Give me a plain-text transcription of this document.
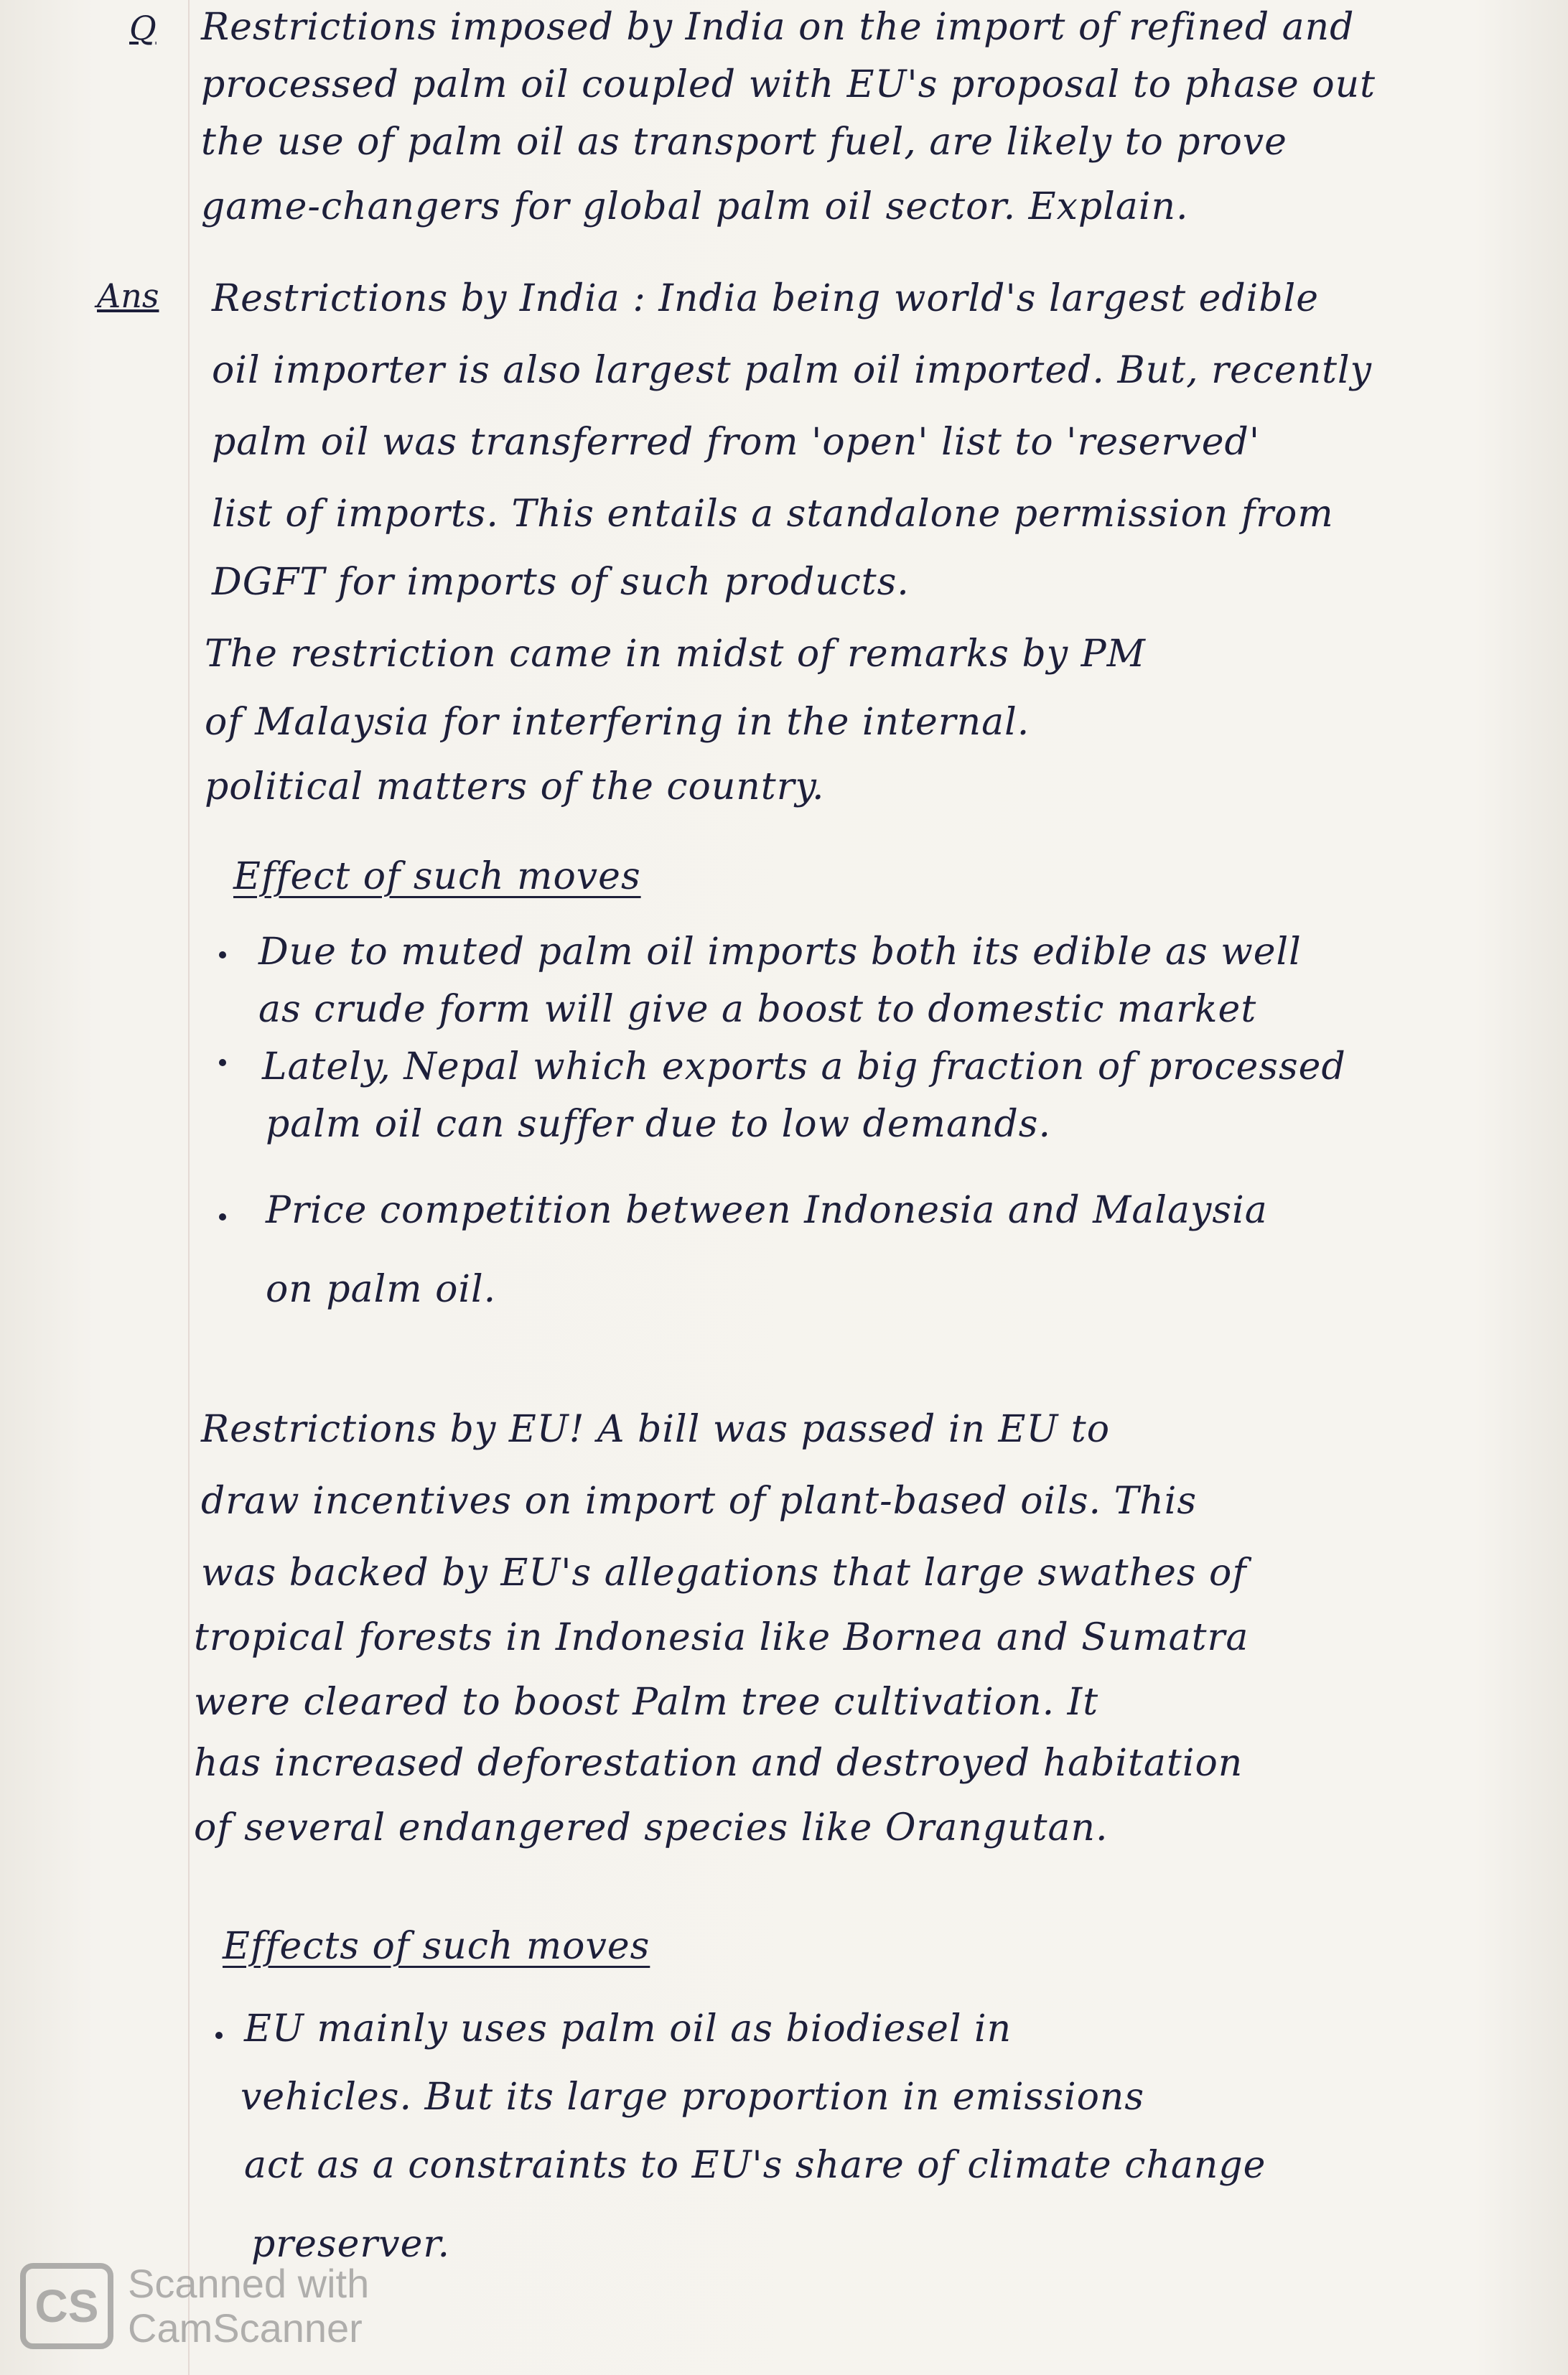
Q Restrictions imposed by India on the import of refined and
processed palm oil coupled with EU's proposal to phase out
the use of palm oil as transport fuel, are likely to prove
game-changers for global palm oil sector. Explain.
Ans Restrictions by India : India being world's largest edible
oil importer is also largest palm oil imported. But, recently
palm oil was transferred from 'open' list to 'reserved'
list of imports. This entails a standalone permission from
DGFT for imports of such products.
The restriction came in midst of remarks by PM
of Malaysia for interfering in the internal.
political matters of the country.
Effect of such moves
Due to muted palm oil imports both its edible as well
as crude form will give a boost to domestic market
Lately, Nepal which exports a big fraction of processed
palm oil can suffer due to low demands.
Price competition between Indonesia and Malaysia
on palm oil.
Restrictions by EU! A bill was passed in EU to
draw incentives on import of plant-based oils. This
was backed by EU's allegations that large swathes of
tropical forests in Indonesia like Bornea and Sumatra
were cleared to boost Palm tree cultivation. It
has increased deforestation and destroyed habitation
of several endangered species like Orangutan.
Effects of such moves
EU mainly uses palm oil as biodiesel in
vehicles. But its large proportion in emissions
act as a constraints to EU's share of climate change
preserver.
CS Scanned with
CamScanner
